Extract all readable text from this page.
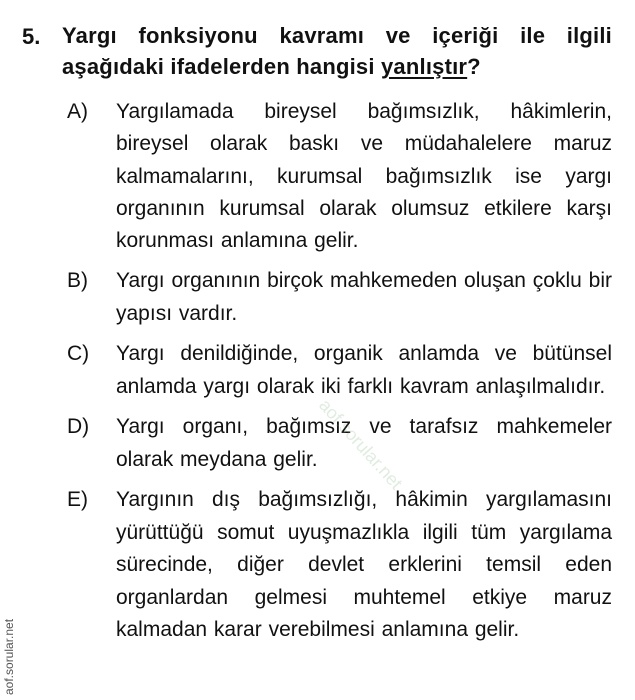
5. Yargı fonksiyonu kavramı ve içeriği ile ilgili aşağıdaki ifadelerden hangisi yanlıştır?
A)	Yargılamada bireysel bağımsızlık, hâkimlerin, bireysel olarak baskı ve müdahalelere maruz kalmamalarını, kurumsal bağımsızlık ise yargı organının kurumsal olarak olumsuz etkilere karşı korunması anlamına gelir.
B)	Yargı organının birçok mahkemeden oluşan çoklu bir yapısı vardır.
C)	Yargı denildiğinde, organik anlamda ve bütünsel anlamda yargı olarak iki farklı kavram anlaşılmalıdır.
D)	Yargı organı, bağımsız ve tarafsız mahkemeler olarak meydana gelir.
E)	Yargının dış bağımsızlığı, hâkimin yargılamasını yürüttüğü somut uyuşmazlıkla ilgili tüm yargılama sürecinde, diğer devlet erklerini temsil eden organlardan gelmesi muhtemel etkiye maruz kalmadan karar verebilmesi anlamına gelir.
aof.sorular.net
aof.sorular.net
